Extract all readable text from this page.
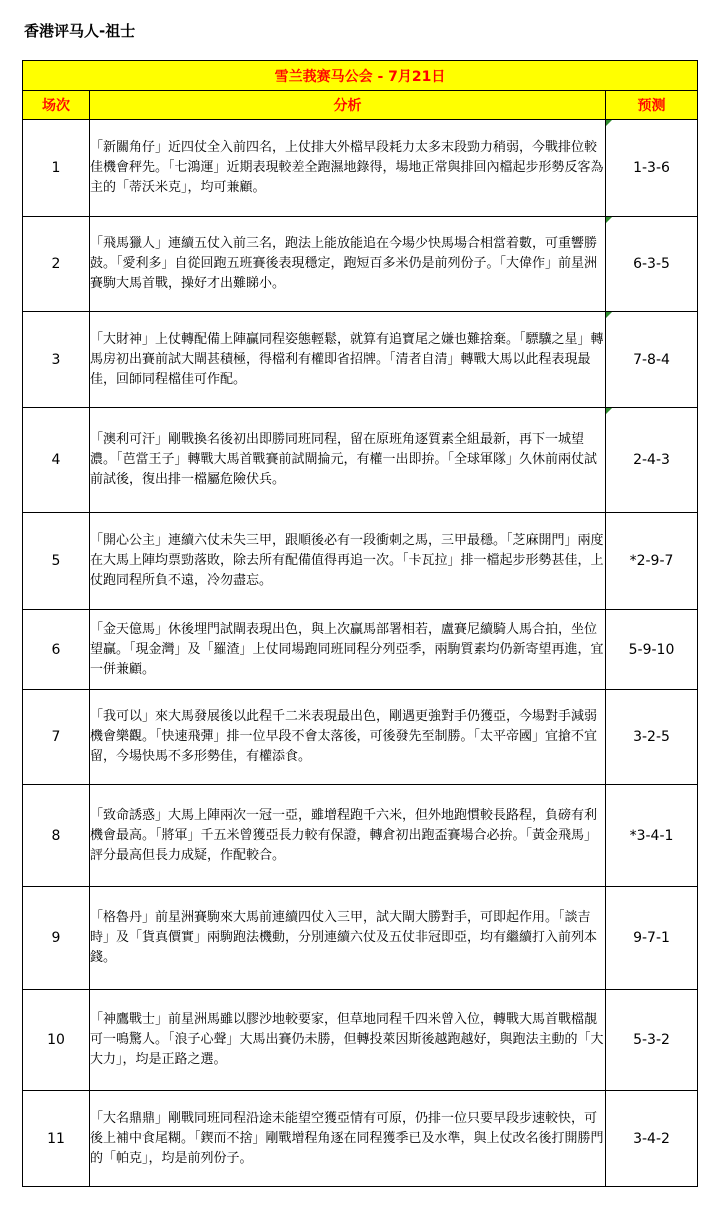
香港评马人-祖士
雪兰莪赛马公会 - 7月21日		
场次	分析	预测
1	「新關角仔」近四仗全入前四名，上仗排大外檔早段耗力太多末段勁力稍弱，今戰排位較佳機會秤先。「七鴻運」近期表現較差全跑濕地錄得，場地正常與排回內檔起步形勢反客為主的「蒂沃米克」，均可兼顧。	1-3-6
2	「飛馬獵人」連續五仗入前三名，跑法上能放能追在今場少快馬場合相當着數，可重響勝鼓。「愛利多」自從回跑五班賽後表現穩定，跑短百多米仍是前列份子。「大偉作」前星洲賽駒大馬首戰，操好才出難睇小。	6-3-5
3	「大財神」上仗轉配備上陣贏同程姿態輕鬆，就算有追寶尾之嫌也難捨棄。「驃驥之星」轉馬房初出賽前試大閘甚積極，得檔利有權即省招牌。「清者自清」轉戰大馬以此程表現最佳，回師同程檔佳可作配。	7-8-4
4	「澳利可汗」剛戰換名後初出即勝同班同程，留在原班角逐質素全組最新，再下一城望濃。「芭當王子」轉戰大馬首戰賽前試閘掄元，有權一出即拚。「全球軍隊」久休前兩仗試前試後，復出排一檔屬危險伏兵。	2-4-3
5	「開心公主」連續六仗未失三甲，跟順後必有一段衝刺之馬，三甲最穩。「芝麻開門」兩度在大馬上陣均票勁落敗，除去所有配備值得再追一次。「卡瓦拉」排一檔起步形勢甚佳，上仗跑同程所負不遠，冷勿盡忘。	*2-9-7
6	「金天億馬」休後埋門試閘表現出色，與上次贏馬部署相若，盧賽尼續騎人馬合拍，坐位望贏。「現金灣」及「羅渣」上仗同場跑同班同程分列亞季，兩駒質素均仍新寄望再進，宜一併兼顧。	5-9-10
7	「我可以」來大馬發展後以此程千二米表現最出色，剛遇更強對手仍獲亞，今場對手減弱機會樂觀。「快速飛彈」排一位早段不會太落後，可後發先至制勝。「太平帝國」宜搶不宜留，今場快馬不多形勢佳，有權添食。	3-2-5
8	「致命誘惑」大馬上陣兩次一冠一亞，雖增程跑千六米，但外地跑慣較長路程，負磅有利機會最高。「將軍」千五米曾獲亞長力較有保證，轉倉初出跑盃賽場合必拚。「黃金飛馬」評分最高但長力成疑，作配較合。	*3-4-1
9	「格魯丹」前星洲賽駒來大馬前連續四仗入三甲，試大閘大勝對手，可即起作用。「談吉時」及「貨真價實」兩駒跑法機動，分別連續六仗及五仗非冠即亞，均有繼續打入前列本錢。	9-7-1
10	「神鷹戰士」前星洲馬雖以膠沙地較要家，但草地同程千四米曾入位，轉戰大馬首戰檔靚可一鳴驚人。「浪子心聲」大馬出賽仍未勝，但轉投萊因斯後越跑越好，與跑法主動的「大大力」，均是正路之選。	5-3-2
11	「大名鼎鼎」剛戰同班同程沿途未能望空獲亞情有可原，仍排一位只要早段步速較快，可後上補中食尾糊。「鍥而不捨」剛戰增程角逐在同程獲季已及水準，與上仗改名後打開勝門的「帕克」，均是前列份子。	3-4-2
